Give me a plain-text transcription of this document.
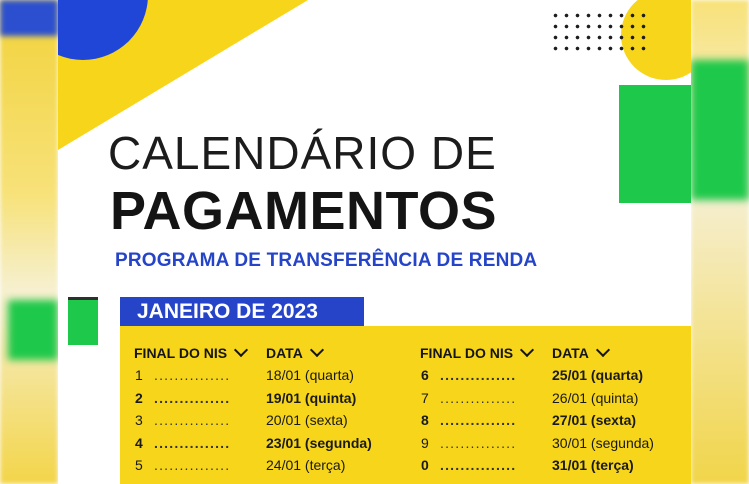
CALENDÁRIO DE
PAGAMENTOS
PROGRAMA DE TRANSFERÊNCIA DE RENDA
JANEIRO DE 2023
FINAL DO NIS	DATA
1 ...............	18/01 (quarta)
2 ...............	19/01 (quinta)
3 ...............	20/01 (sexta)
4 ...............	23/01 (segunda)
5 ...............	24/01 (terça)
FINAL DO NIS	DATA
6 ...............	25/01 (quarta)
7 ...............	26/01 (quinta)
8 ...............	27/01 (sexta)
9 ...............	30/01 (segunda)
0 ...............	31/01 (terça)
